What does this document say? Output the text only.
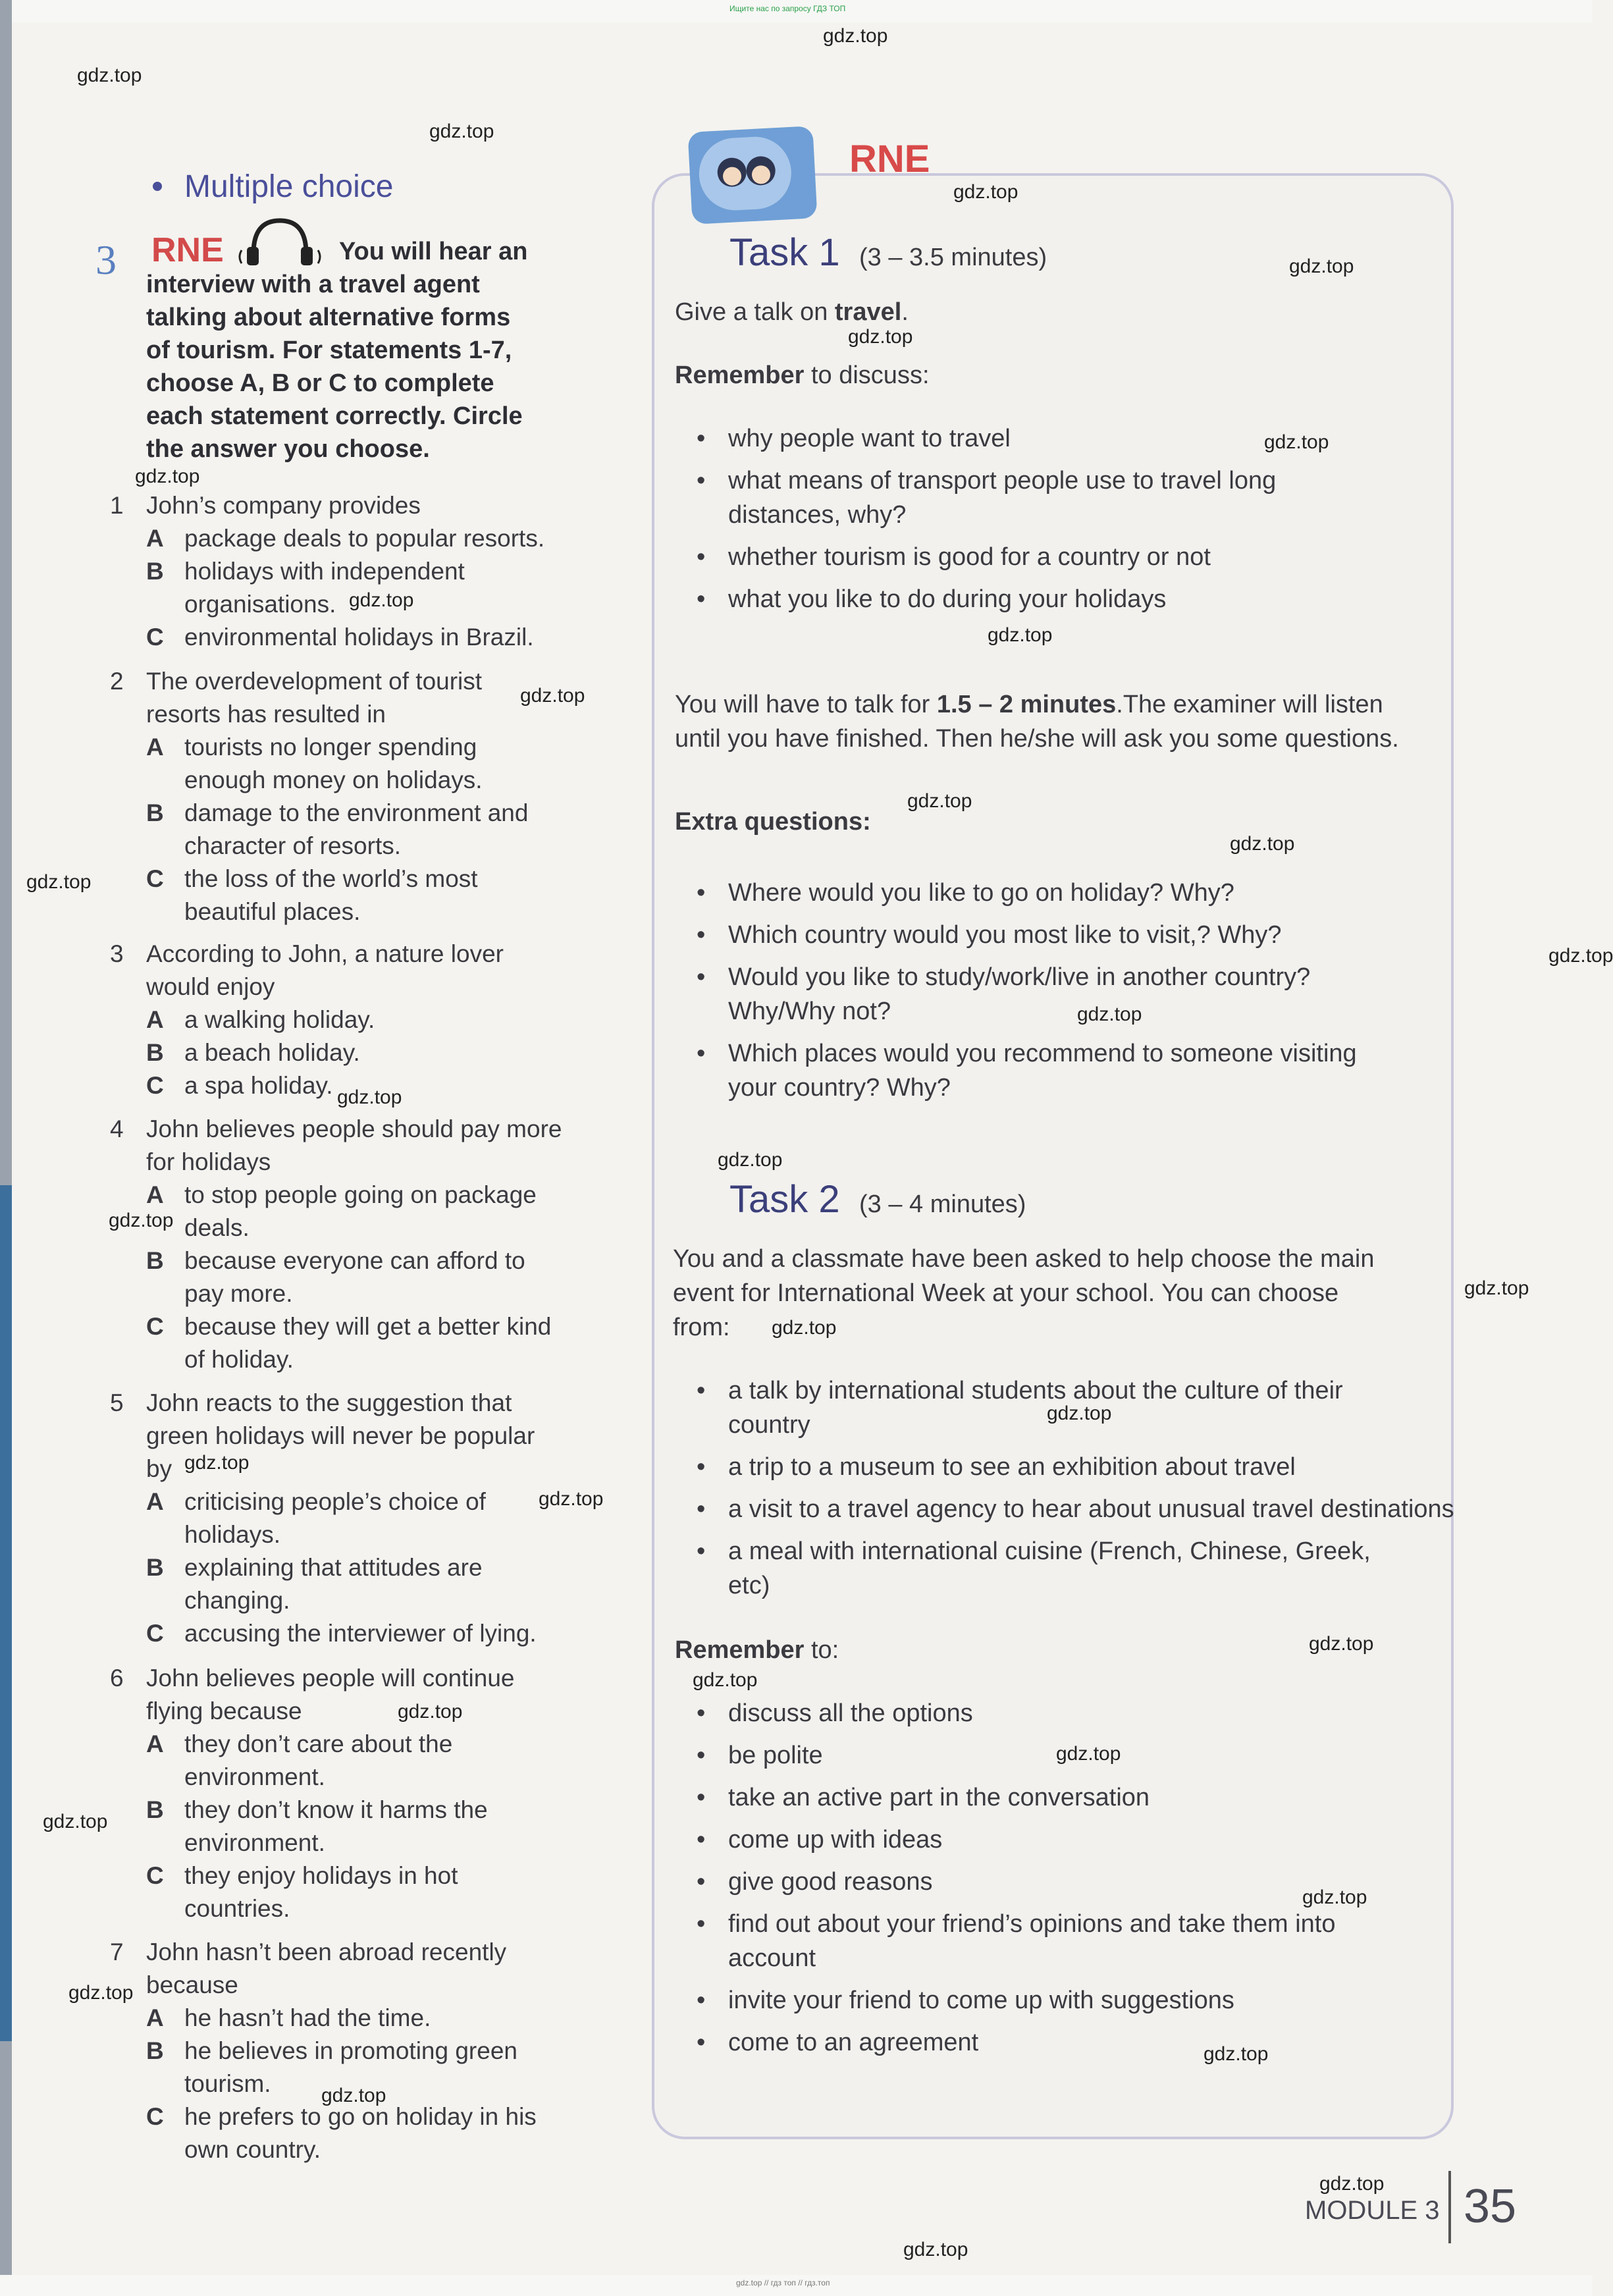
Ищите нас по запросу ГДЗ ТОП
gdz.top // гдз топ // гдз.топ
Multiple choice
3 RNE	You will hear an
interview with a travel agent
talking about alternative forms
of tourism. For statements 1-7,
choose A, B or C to complete
each statement correctly. Circle
the answer you choose.
1 John’s company provides
A package deals to popular resorts.
B holidays with independent
organisations.
C environmental holidays in Brazil.
2 The overdevelopment of tourist
resorts has resulted in
A tourists no longer spending
enough money on holidays.
B damage to the environment and
character of resorts.
C the loss of the world’s most
beautiful places.
3 According to John, a nature lover
would enjoy
A a walking holiday.
B a beach holiday.
C a spa holiday.
4 John believes people should pay more
for holidays
A to stop people going on package
deals.
B because everyone can afford to
pay more.
C because they will get a better kind
of holiday.
5 John reacts to the suggestion that
green holidays will never be popular
by
A criticising people’s choice of
holidays.
B explaining that attitudes are
changing.
C accusing the interviewer of lying.
6 John believes people will continue
flying because
A they don’t care about the
environment.
B they don’t know it harms the
environment.
C they enjoy holidays in hot
countries.
7 John hasn’t been abroad recently
because
A he hasn’t had the time.
B he believes in promoting green
tourism.
C he prefers to go on holiday in his
own country.
RNE
Task 1 (3 – 3.5 minutes)
Give a talk on travel.
Remember to discuss:
• why people want to travel
• what means of transport people use to travel long
distances, why?
• whether tourism is good for a country or not
• what you like to do during your holidays
You will have to talk for 1.5 – 2 minutes.The examiner will listen
until you have finished. Then he/she will ask you some questions.
Extra questions:
• Where would you like to go on holiday? Why?
• Which country would you most like to visit,? Why?
• Would you like to study/work/live in another country?
Why/Why not?
• Which places would you recommend to someone visiting
your country? Why?
Task 2 (3 – 4 minutes)
You and a classmate have been asked to help choose the main
event for International Week at your school. You can choose
from:
• a talk by international students about the culture of their
country
• a trip to a museum to see an exhibition about travel
• a visit to a travel agency to hear about unusual travel destinations
• a meal with international cuisine (French, Chinese, Greek,
etc)
Remember to:
• discuss all the options
• be polite
• take an active part in the conversation
• come up with ideas
• give good reasons
• find out about your friend’s opinions and take them into
account
• invite your friend to come up with suggestions
• come to an agreement
MODULE 3 35
gdz.top
gdz.top
gdz.top
gdz.top
gdz.top
gdz.top
gdz.top
gdz.top
gdz.top
gdz.top
gdz.top
gdz.top
gdz.top
gdz.top
gdz.top
gdz.top
gdz.top
gdz.top
gdz.top
gdz.top
gdz.top
gdz.top
gdz.top
gdz.top
gdz.top
gdz.top
gdz.top
gdz.top
gdz.top
gdz.top
gdz.top
gdz.top
gdz.top
gdz.top
gdz.top
